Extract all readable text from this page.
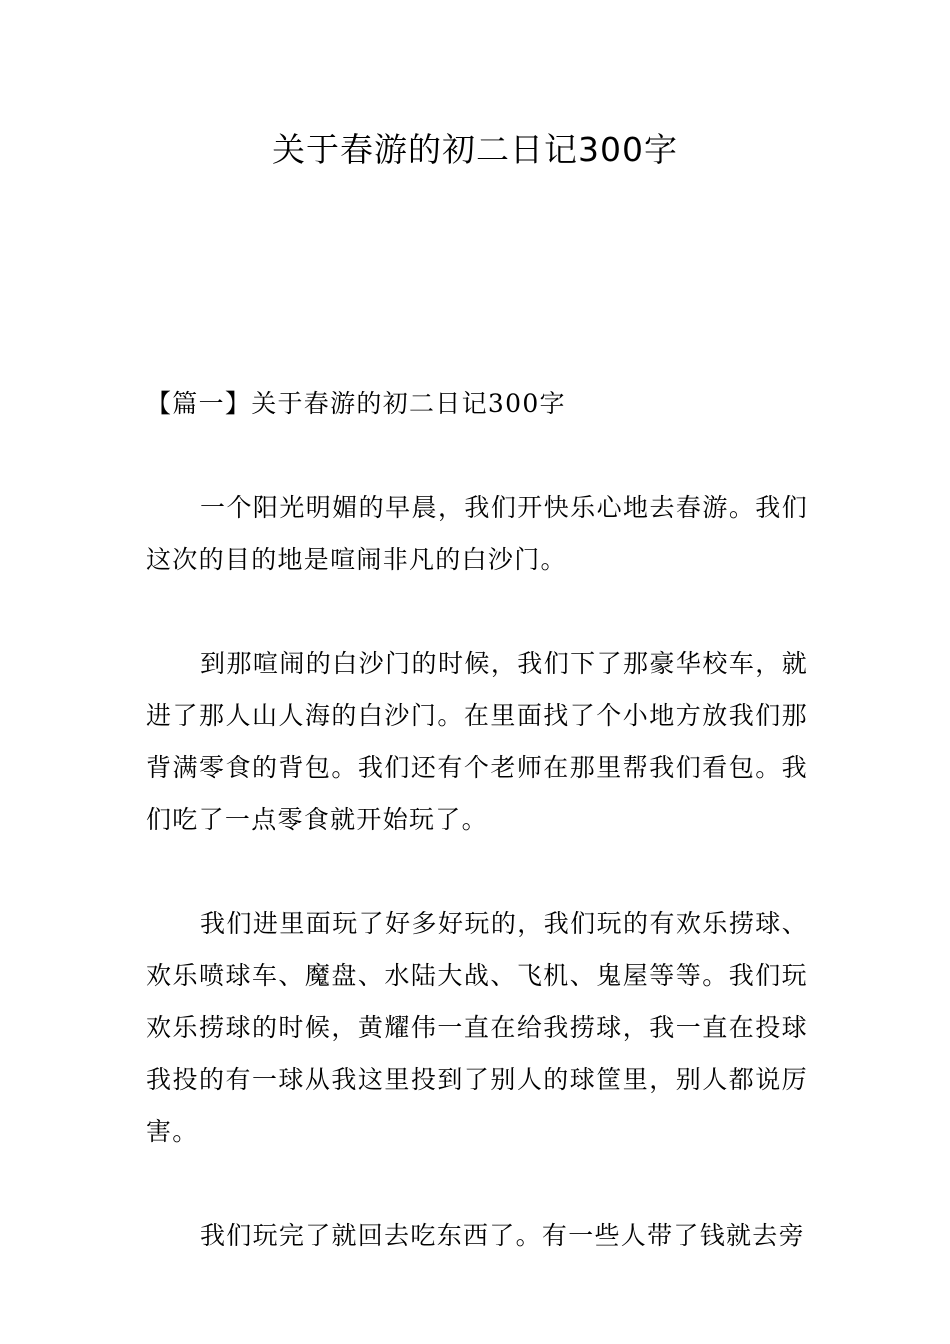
关于春游的初二日记300字

【篇一】关于春游的初二日记300字

一个阳光明媚的早晨，我们开快乐心地去春游。我们这次的目的地是喧闹非凡的白沙门。

到那喧闹的白沙门的时候，我们下了那豪华校车，就进了那人山人海的白沙门。在里面找了个小地方放我们那背满零食的背包。我们还有个老师在那里帮我们看包。我们吃了一点零食就开始玩了。

我们进里面玩了好多好玩的，我们玩的有欢乐捞球、欢乐喷球车、魔盘、水陆大战、飞机、鬼屋等等。我们玩欢乐捞球的时候，黄耀伟一直在给我捞球，我一直在投球我投的有一球从我这里投到了别人的球筐里，别人都说厉害。

我们玩完了就回去吃东西了。有一些人带了钱就去旁
